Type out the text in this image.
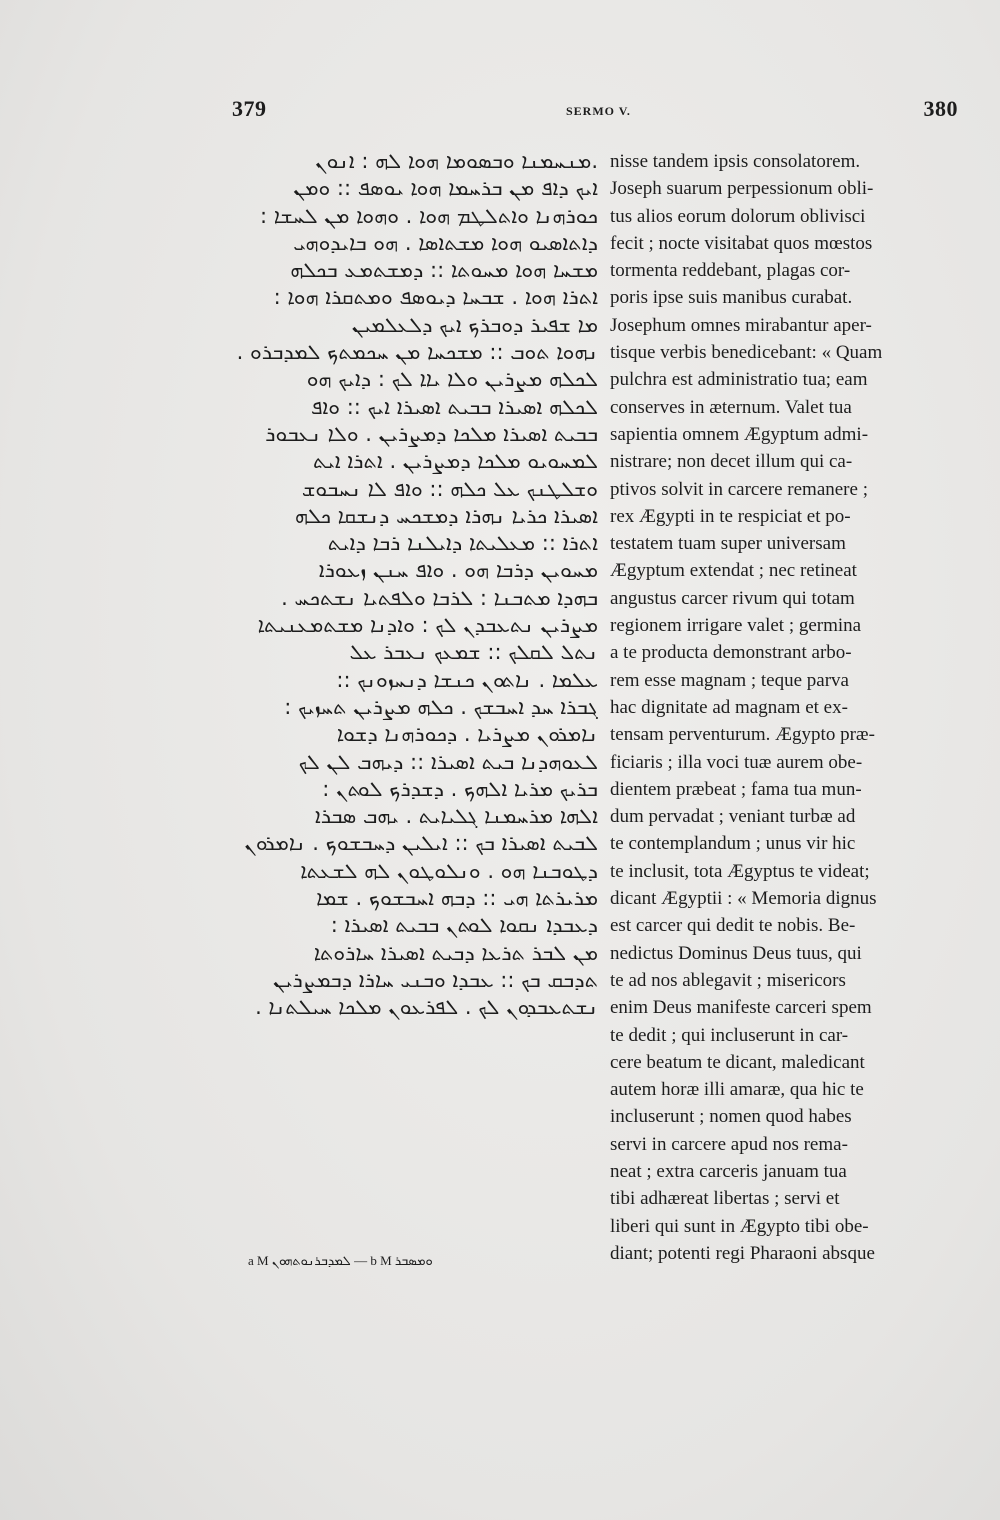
379	SERMO V.	380
.ܡܢܚܡܢܐ ܘܒܣܘܡܐ ܗܘܐ ܠܗ : ܐܢܘܢ
ܐܝܟ ܕܐܦ ܡܢ ܒܪܚܡܐ ܗܘܐ ܝܘܣܦ :: ܘܡܢ
ܟܘܪܗܢܐ ܘܐܬܠܛܡ ܗܘܐ . ܘܗܘܐ ܡܢ ܠܚܫܐ :
ܕܐܬܐܣܝܘ ܗܘܐ ܡܫܬܐܣܐ . ܗܘ ܒܐܝܕܘܗܝ
ܡܫܚܐ ܗܘܐ ܡܚܘܬܐ :: ܕܡܫܬܡܥ ܒܟܠܗ
ܐܬܪܐ ܗܘܐ . ܫܒܚܐ ܕܝܘܣܦ ܘܡܬܩܪܐ ܗܘܐ :
ܡܐ ܫܦܝܪ ܕܘܒܪܟ ܐܝܟ ܕܠܥܠܡܝܢ
ܢܗܘܐ ܬܘܒ :: ܡܫܟܚܐ ܡܢ ܚܟܡܬܟ ܠܡܕܒܪܘ .
ܠܟܠܗ ܡܨܪܝܢ ܘܠܐ ܝܐܐ ܠܟ : ܕܐܝܟ ܗܘ
ܠܟܠܗ ܐܣܝܪܐ ܒܒܝܬ ܐܣܝܪܐ ܐܝܟ :: ܘܐܦ
ܒܒܝܬ ܐܣܝܪܐ ܡܠܟܐ ܕܡܨܪܝܢ . ܘܠܐ ܢܥܒܘܪ
ܠܡܚܘܝܘ ܡܠܟܐ ܕܡܨܪܝܢ . ܐܬܪܐ ܐܝܬ
ܘܫܠܛܢܟ ܥܠ ܟܠܗ :: ܘܐܦ ܠܐ ܢܚܒܘܫ
ܐܣܝܪܐ ܟܪܝܐ ܢܗܪܐ ܕܡܫܟܚ ܕܢܫܩܐ ܟܠܗ
ܐܬܪܐ :: ܡܥܠܝܬܐ ܕܐܝܠܢܐ ܪܒܐ ܕܐܝܬ
ܡܚܘܝܢ ܕܪܒܐ ܗܘ . ܘܐܦ ܚܢܢ ܙܥܘܪܐ
ܒܗܕܐ ܡܬܒܢܐ : ܠܪܒܐ ܘܠܦܬܝܐ ܢܫܬܟܚ .
ܡܨܪܝܢ ܢܬܥܒܕܢ ܠܟ : ܘܐܕܢܐ ܡܫܬܡܥܢܝܬܐ
ܢܬܠ ܠܩܠܟ :: ܫܡܥܟ ܢܥܒܪ ܥܠ
ܥܠܡܐ . ܢܐܬܘܢ ܟܢܫܐ ܕܢܚܙܘܢܟ ::
ܓܒܪܐ ܚܕ ܐܚܒܫܟ . ܟܠܗ ܡܨܪܝܢ ܬܚܙܝܟ :
ܢܐܡܪܘܢ ܡܨܪܝܐ . ܕܟܘܪܗܢܐ ܕܫܘܐ
ܠܥܘܗܕܢܐ ܒܝܬ ܐܣܝܪܐ :: ܕܝܗܒ ܠܢ ܠܟ
ܒܪܝܟ ܡܪܝܐ ܐܠܗܟ . ܕܫܕܪܟ ܠܘܬܢ :
ܐܠܗܐ ܡܪܚܡܢܐ ܓܠܝܐܝܬ . ܝܗܒ ܣܒܪܐ
ܠܒܝܬ ܐܣܝܪܐ ܒܟ :: ܐܝܠܝܢ ܕܚܒܫܘܟ . ܢܐܡܪܘܢ
ܕܛܘܒܢܐ ܗܘ . ܘܢܠܘܛܘܢ ܠܗ ܠܫܥܬܐ
ܡܪܝܪܬܐ ܗܝ :: ܕܒܗ ܐܚܒܫܘܟ . ܫܡܐ
ܕܥܒܕܐ ܢܩܘܐ ܠܘܬܢ ܒܒܝܬ ܐܣܝܪܐ :
ܡܢ ܠܒܪ ܬܪܥܐ ܕܒܝܬ ܐܣܝܪܐ ܚܐܪܘܬܐ
ܬܕܒܩ ܒܟ :: ܥܒܕܐ ܘܒܢܝ ܚܐܪܐ ܕܒܡܨܪܝܢ
ܢܫܬܥܒܕܘܢ ܠܟ . ܠܦܪܥܘܢ ܡܠܟܐ ܚܝܠܬܢܐ .
nisse tandem ipsis consolatorem.
Joseph suarum perpessionum obli-
tus alios eorum dolorum oblivisci
fecit ; nocte visitabat quos mœstos
tormenta reddebant, plagas cor-
poris ipse suis manibus curabat.
Josephum omnes mirabantur aper-
tisque verbis benedicebant: « Quam
pulchra est administratio tua; eam
conserves in æternum. Valet tua
sapientia omnem Ægyptum admi-
nistrare; non decet illum qui ca-
ptivos solvit in carcere remanere ;
rex Ægypti in te respiciat et po-
testatem tuam super universam
Ægyptum extendat ; nec retineat
angustus carcer rivum qui totam
regionem irrigare valet ; germina
a te producta demonstrant arbo-
rem esse magnam ; teque parva
hac dignitate ad magnam et ex-
tensam perventurum. Ægypto præ-
ficiaris ; illa voci tuæ aurem obe-
dientem præbeat ; fama tua mun-
dum pervadat ; veniant turbæ ad
te contemplandum ; unus vir hic
te inclusit, tota Ægyptus te videat;
dicant Ægyptii : « Memoria dignus
est carcer qui dedit te nobis. Be-
nedictus Dominus Deus tuus, qui
te ad nos ablegavit ; misericors
enim Deus manifeste carceri spem
te dedit ; qui incluserunt in car-
cere beatum te dicant, maledicant
autem horæ illi amaræ, qua hic te
incluserunt ; nomen quod habes
servi in carcere apud nos rema-
neat ; extra carceris januam tua
tibi adhæreat libertas ; servi et
liberi qui sunt in Ægypto tibi obe-
diant; potenti regi Pharaoni absque
a M ܠܡܕܒܪܢܘܬܗܘܢ — b M ܘܡܣܒܪ
